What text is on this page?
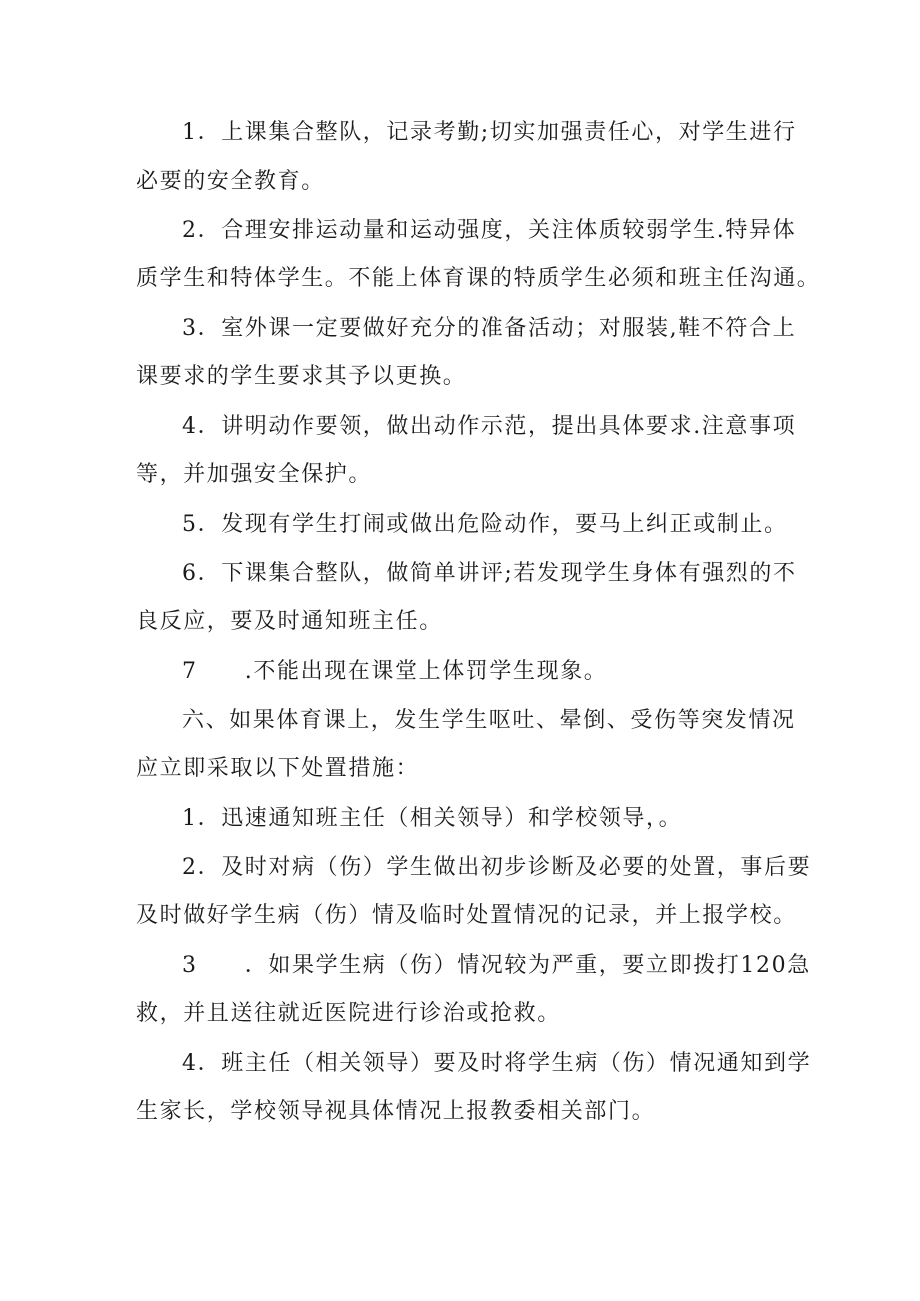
1．上课集合整队，记录考勤;切实加强责任心，对学生进行
必要的安全教育。
2．合理安排运动量和运动强度，关注体质较弱学生.特异体
质学生和特体学生。不能上体育课的特质学生必须和班主任沟通。
3．室外课一定要做好充分的准备活动；对服装,鞋不符合上
课要求的学生要求其予以更换。
4．讲明动作要领，做出动作示范，提出具体要求.注意事项
等，并加强安全保护。
5．发现有学生打闹或做出危险动作，要马上纠正或制止。
6．下课集合整队，做简单讲评;若发现学生身体有强烈的不
良反应，要及时通知班主任。
7　　.不能出现在课堂上体罚学生现象。
六、如果体育课上，发生学生呕吐、晕倒、受伤等突发情况
应立即采取以下处置措施：
1．迅速通知班主任（相关领导）和学校领导，。
2．及时对病（伤）学生做出初步诊断及必要的处置，事后要
及时做好学生病（伤）情及临时处置情况的记录，并上报学校。
3　　．如果学生病（伤）情况较为严重，要立即拨打120急
救，并且送往就近医院进行诊治或抢救。
4．班主任（相关领导）要及时将学生病（伤）情况通知到学
生家长，学校领导视具体情况上报教委相关部门。
